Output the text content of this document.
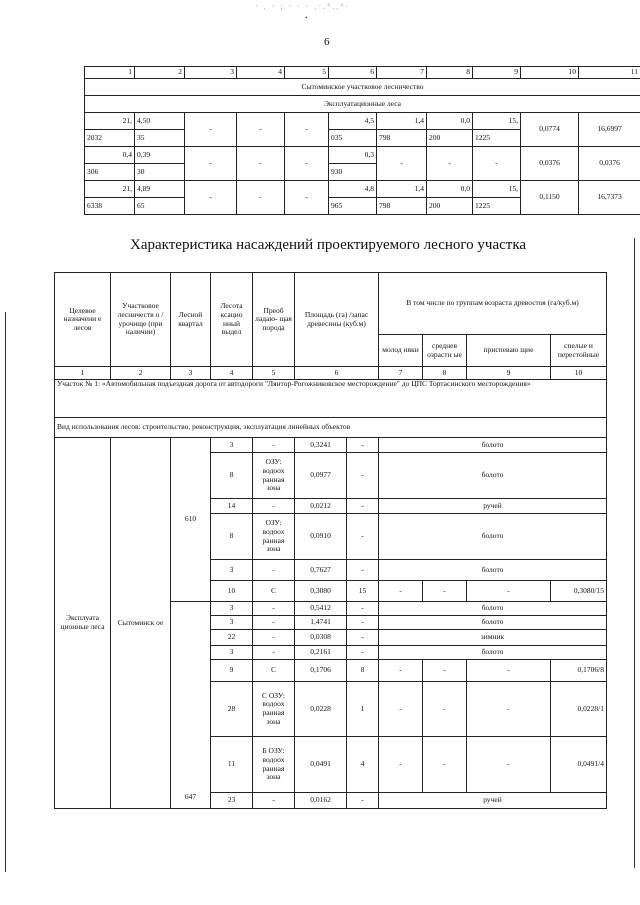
· . · ; · · · .·.°..°·
•
6
1	2	3	4	5	6	7	8	9	10	11
Сытоминское участковое лесничество										
Эксплуатационные леса										
21,	4,50	-	-	-	4,5	1,4	0,0	15,	0,0774	16,6997
2032	35				035	798	200	1225		
0,4	0,39	-	-	-	0,3	-	-	-	0,0376	0,0376
306	30				930					
21,	4,89	-	-	-	4,8	1,4	0,0	15,	0,1150	16,7373
6338	65				965	798	200	1225		
Характеристика насаждений проектируемого лесного участка
Целевое назначени е лесов	Участковое лесничеств о /урочище (при наличии)	Лесной квартал	Лесота ксацио нный выдел	Преоб ладаю- щая порода	Площадь (га) /запас древесины (куб.м)		В том числе по группам возраста древостоя (га/куб.м)			
							молод няки	среднев озрастн ые	приспеваю щие	спелые и перестойные
1	2	3	4	5	6		7	8	9	10
Участок № 1: «Автомобильная подъездная дорога от автодороги "Лянтор-Рогожниковское месторождение" до ЦПС Тортасинского месторождения»										
Вид использования лесов: строительство, реконструкция, эксплуатация линейных объектов										
Эксплуата ционные леса	Сытоминск ое	610	3	-	0,3241	-	болото			
			8	ОЗУ: водоох ранная зона	0,0977	-	болото			
			14	-	0,0212	-	ручей			
			8	ОЗУ: водоох ранная зона	0,0910	-	болото			
			3	-	0,7627	-	болото			
			10	С	0,3080	15	-	-	-	0,3080/15
		647	3	-	0,5412	-	болото			
			3	-	1,4741	-	болото			
			22	-	0,0308	-	зимник			
			3	-	0,2161	-	болото			
			9	С	0,1706	8	-	-	-	0,1706/8
			28	С ОЗУ: водоох ранная зона	0,0228	1	-	-	-	0,0228/1
			11	Б ОЗУ: водоох ранная зона	0,0491	4	-	-	-	0,0491/4
			23	-	0,0162	-	ручей			
